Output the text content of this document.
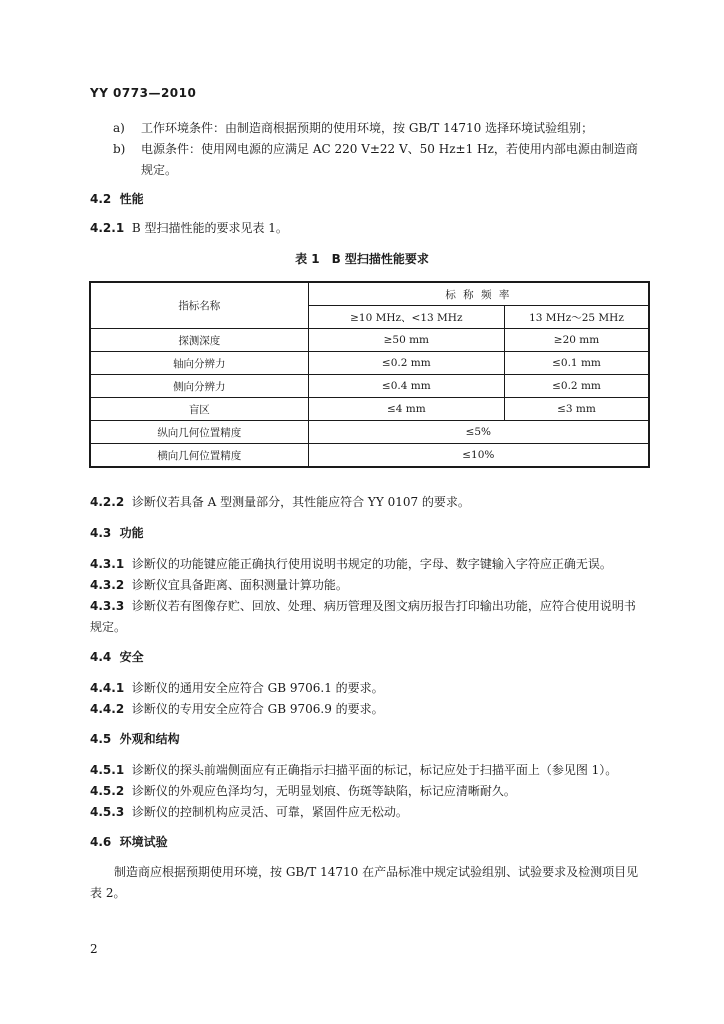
YY 0773—2010
a) 工作环境条件：由制造商根据预期的使用环境，按 GB/T 14710 选择环境试验组别；
b) 电源条件：使用网电源的应满足 AC 220 V±22 V、50 Hz±1 Hz，若使用内部电源由制造商
规定。
4.2 性能
4.2.1 B 型扫描性能的要求见表 1。
表 1　B 型扫描性能要求
指标名称	标 称 频 率	
	≥10 MHz、<13 MHz	13 MHz～25 MHz
探测深度	≥50 mm	≥20 mm
轴向分辨力	≤0.2 mm	≤0.1 mm
侧向分辨力	≤0.4 mm	≤0.2 mm
盲区	≤4 mm	≤3 mm
纵向几何位置精度	≤5%	
横向几何位置精度	≤10%	
4.2.2 诊断仪若具备 A 型测量部分，其性能应符合 YY 0107 的要求。
4.3 功能
4.3.1 诊断仪的功能键应能正确执行使用说明书规定的功能，字母、数字键输入字符应正确无误。
4.3.2 诊断仪宜具备距离、面积测量计算功能。
4.3.3 诊断仪若有图像存贮、回放、处理、病历管理及图文病历报告打印输出功能，应符合使用说明书
规定。
4.4 安全
4.4.1 诊断仪的通用安全应符合 GB 9706.1 的要求。
4.4.2 诊断仪的专用安全应符合 GB 9706.9 的要求。
4.5 外观和结构
4.5.1 诊断仪的探头前端侧面应有正确指示扫描平面的标记，标记应处于扫描平面上（参见图 1）。
4.5.2 诊断仪的外观应色泽均匀，无明显划痕、伤斑等缺陷，标记应清晰耐久。
4.5.3 诊断仪的控制机构应灵活、可靠，紧固件应无松动。
4.6 环境试验
制造商应根据预期使用环境，按 GB/T 14710 在产品标准中规定试验组别、试验要求及检测项目见
表 2。
2
